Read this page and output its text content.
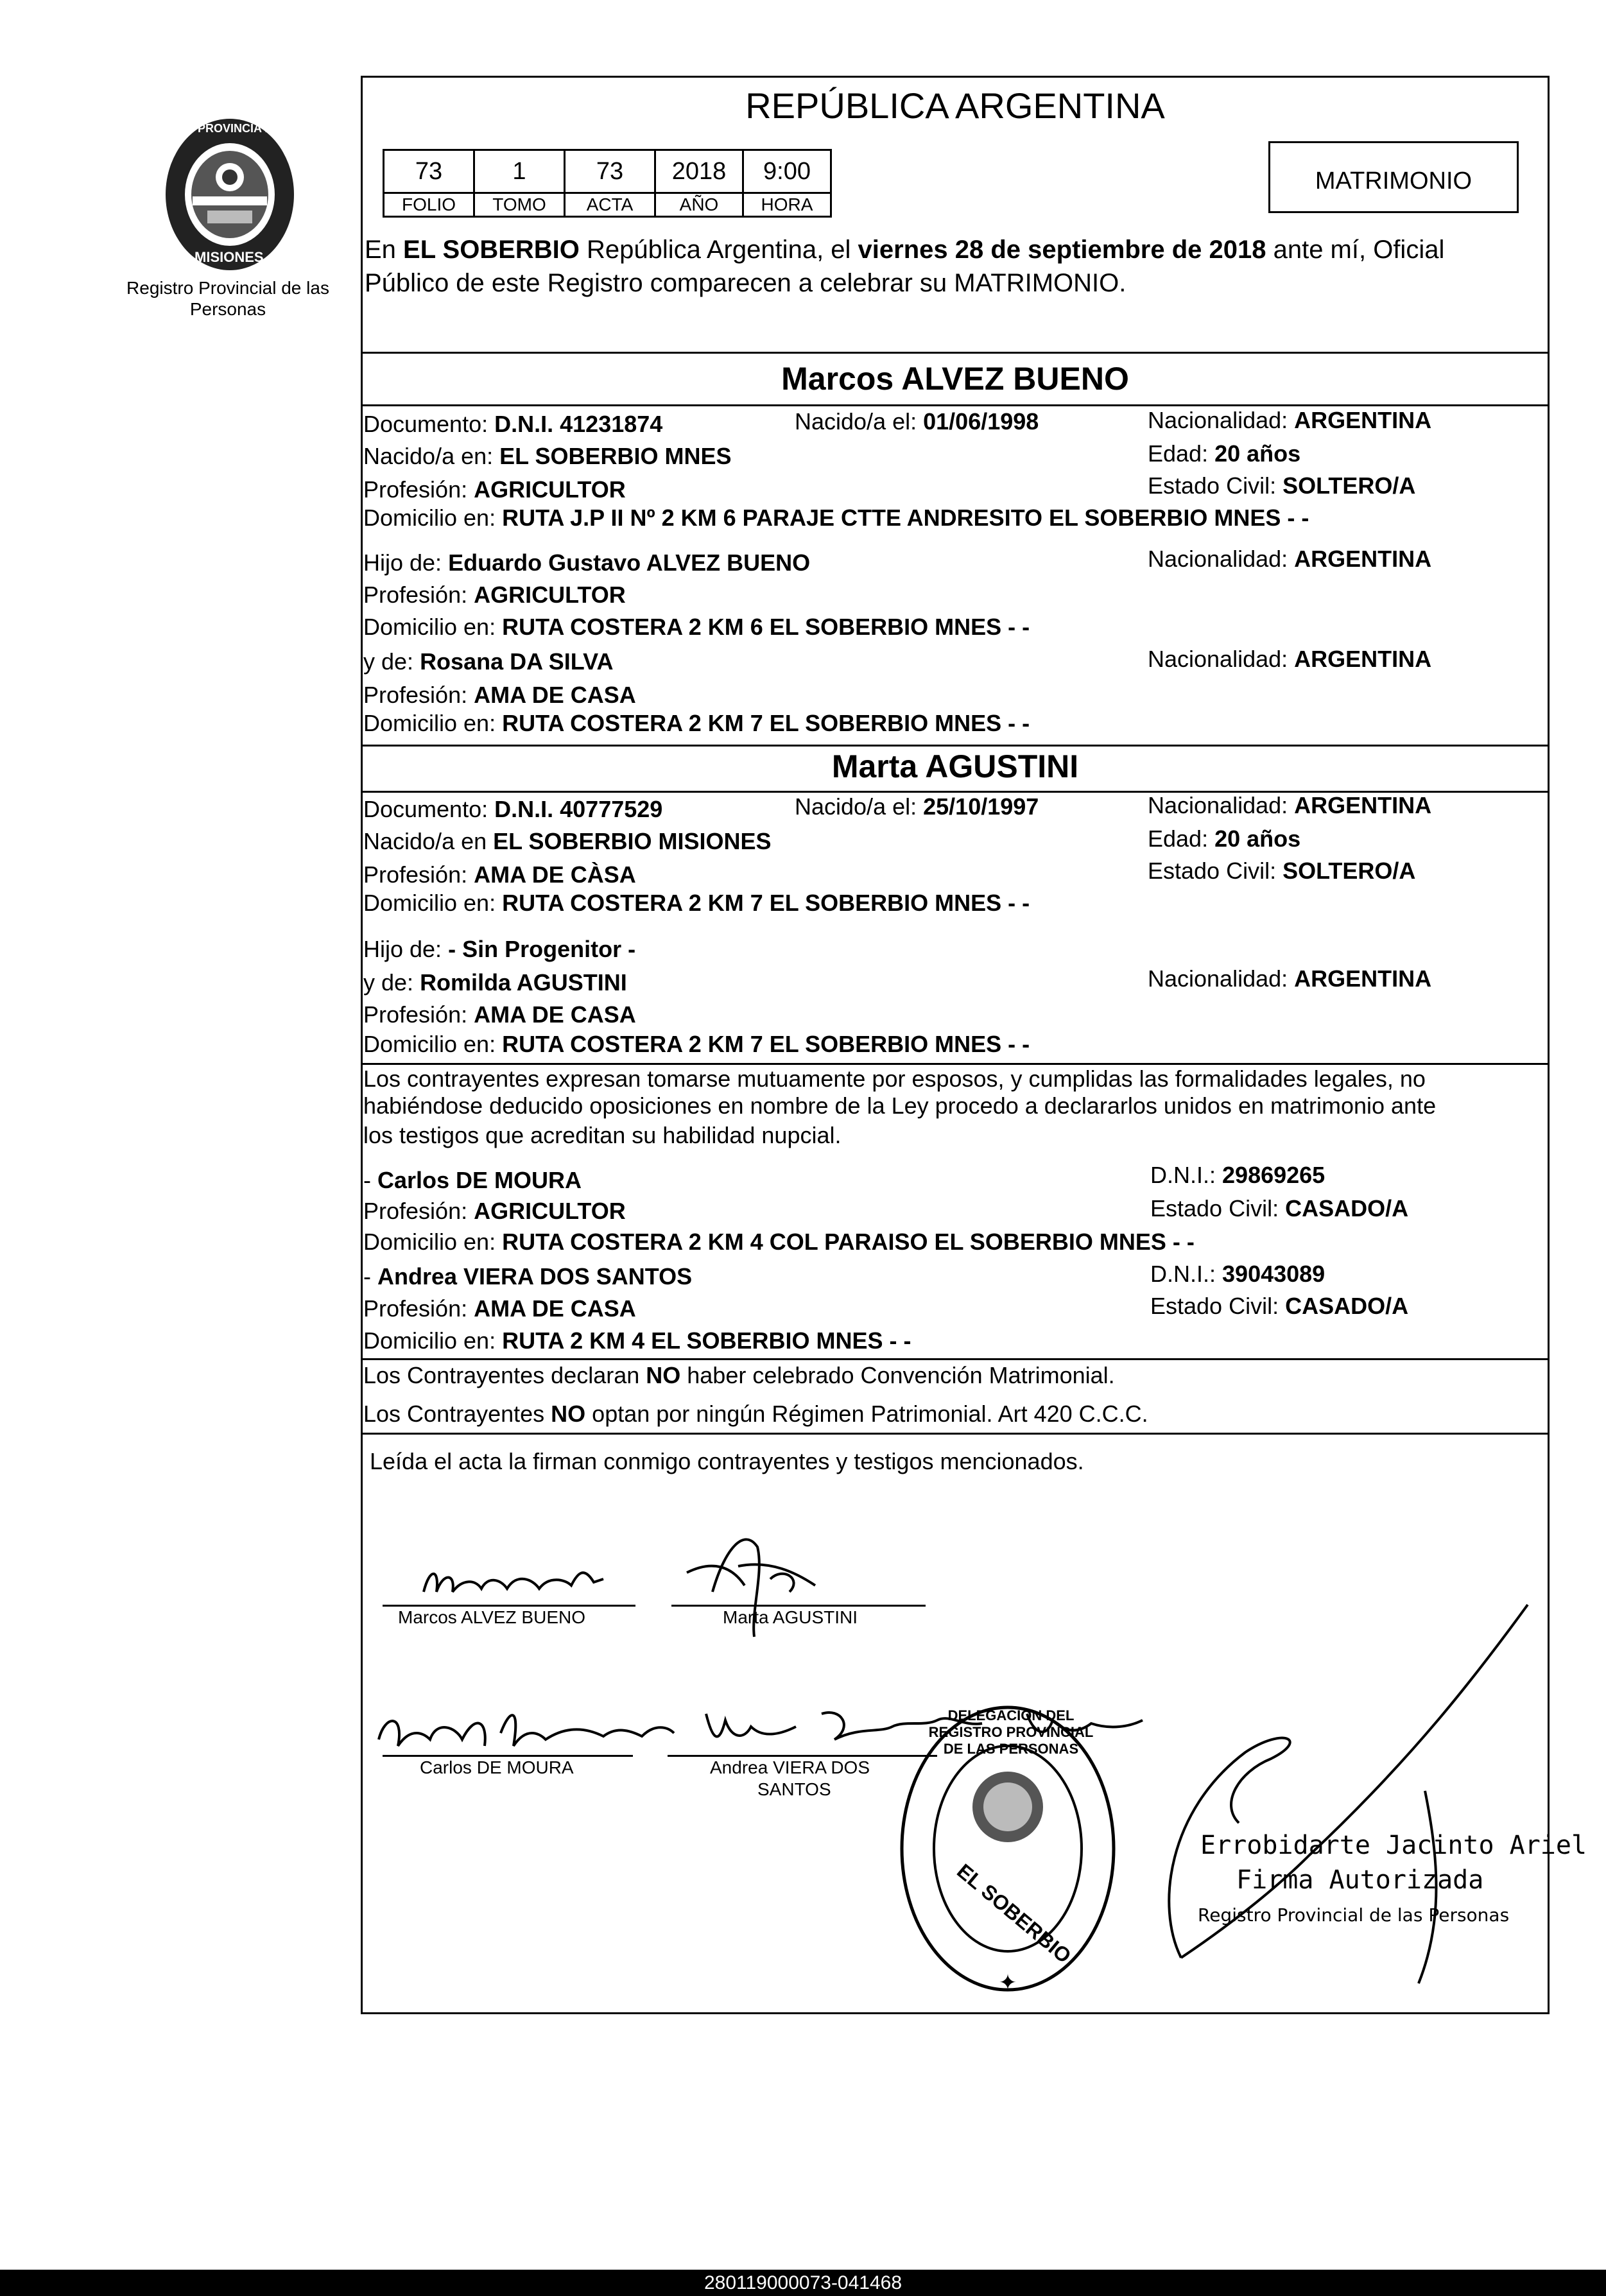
PROVINCIA DE
MISIONES
Registro Provincial de las Personas
REPÚBLICA ARGENTINA
73	1	73	2018	9:00
FOLIO	TOMO	ACTA	AÑO	HORA
MATRIMONIO
En EL SOBERBIO República Argentina, el viernes 28 de septiembre de 2018 ante mí, Oficial
Público de este Registro comparecen a celebrar su MATRIMONIO.
Marcos ALVEZ BUENO
Documento: D.N.I. 41231874	Nacido/a el: 01/06/1998	Nacionalidad: ARGENTINA
Nacido/a en: EL SOBERBIO MNES	Edad: 20 años
Profesión: AGRICULTOR	Estado Civil: SOLTERO/A
Domicilio en: RUTA J.P II Nº 2 KM 6 PARAJE CTTE ANDRESITO EL SOBERBIO MNES - -
Hijo de: Eduardo Gustavo ALVEZ BUENO	Nacionalidad: ARGENTINA
Profesión: AGRICULTOR
Domicilio en: RUTA COSTERA 2 KM 6 EL SOBERBIO MNES - -
y de: Rosana DA SILVA	Nacionalidad: ARGENTINA
Profesión: AMA DE CASA
Domicilio en: RUTA COSTERA 2 KM 7 EL SOBERBIO MNES - -
Marta AGUSTINI
Documento: D.N.I. 40777529	Nacido/a el: 25/10/1997	Nacionalidad: ARGENTINA
Nacido/a en EL SOBERBIO MISIONES	Edad: 20 años
Profesión: AMA DE CÀSA	Estado Civil: SOLTERO/A
Domicilio en: RUTA COSTERA 2 KM 7 EL SOBERBIO MNES - -
Hijo de: - Sin Progenitor -
y de: Romilda AGUSTINI	Nacionalidad: ARGENTINA
Profesión: AMA DE CASA
Domicilio en: RUTA COSTERA 2 KM 7 EL SOBERBIO MNES - -
Los contrayentes expresan tomarse mutuamente por esposos, y cumplidas las formalidades legales, no
habiéndose deducido oposiciones en nombre de la Ley procedo a declararlos unidos en matrimonio ante
los testigos que acreditan su habilidad nupcial.
- Carlos DE MOURA	D.N.I.: 29869265
Profesión: AGRICULTOR	Estado Civil: CASADO/A
Domicilio en: RUTA COSTERA 2 KM 4 COL PARAISO EL SOBERBIO MNES - -
- Andrea VIERA DOS SANTOS	D.N.I.: 39043089
Profesión: AMA DE CASA	Estado Civil: CASADO/A
Domicilio en: RUTA 2 KM 4 EL SOBERBIO MNES - -
Los Contrayentes declaran NO haber celebrado Convención Matrimonial.
Los Contrayentes NO optan por ningún Régimen Patrimonial. Art 420 C.C.C.
Leída el acta la firman conmigo contrayentes y testigos mencionados.
Marcos ALVEZ BUENO	Marta AGUSTINI
Carlos DE MOURA	Andrea VIERA DOS
SANTOS
✦
DELEGACION DEL REGISTRO PROVINCIAL DE LAS PERSONAS
EL SOBERBIO
Errobidarte Jacinto Ariel
Firma Autorizada
Registro Provincial de las Personas
280119000073-041468
